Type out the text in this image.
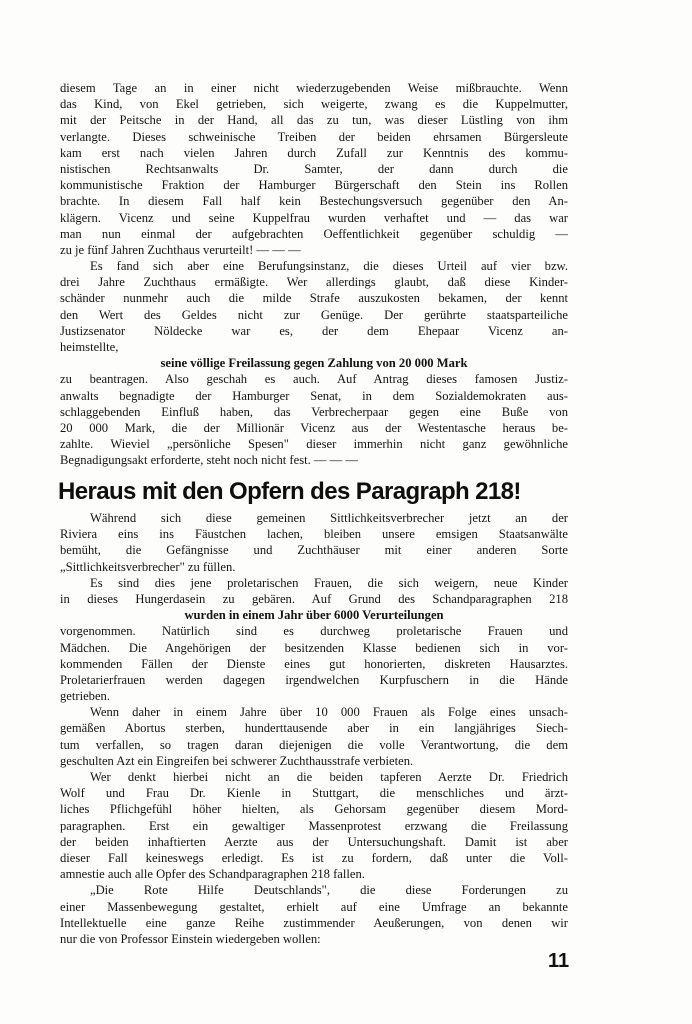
diesem Tage an in einer nicht wiederzugebenden Weise mißbrauchte. Wenn
das Kind, von Ekel getrieben, sich weigerte, zwang es die Kuppelmutter,
mit der Peitsche in der Hand, all das zu tun, was dieser Lüstling von ihm
verlangte. Dieses schweinische Treiben der beiden ehrsamen Bürgersleute
kam erst nach vielen Jahren durch Zufall zur Kenntnis des kommu-
nistischen Rechtsanwalts Dr. Samter, der dann durch die
kommunistische Fraktion der Hamburger Bürgerschaft den Stein ins Rollen
brachte. In diesem Fall half kein Bestechungsversuch gegenüber den An-
klägern. Vicenz und seine Kuppelfrau wurden verhaftet und — das war
man nun einmal der aufgebrachten Oeffentlichkeit gegenüber schuldig —
zu je fünf Jahren Zuchthaus verurteilt! — — —
Es fand sich aber eine Berufungsinstanz, die dieses Urteil auf vier bzw.
drei Jahre Zuchthaus ermäßigte. Wer allerdings glaubt, daß diese Kinder-
schänder nunmehr auch die milde Strafe auszukosten bekamen, der kennt
den Wert des Geldes nicht zur Genüge. Der gerührte staatsparteiliche
Justizsenator Nöldecke war es, der dem Ehepaar Vicenz an-
heimstellte,
seine völlige Freilassung gegen Zahlung von 20 000 Mark
zu beantragen. Also geschah es auch. Auf Antrag dieses famosen Justiz-
anwalts begnadigte der Hamburger Senat, in dem Sozialdemokraten aus-
schlaggebenden Einfluß haben, das Verbrecherpaar gegen eine Buße von
20 000 Mark, die der Millionär Vicenz aus der Westentasche heraus be-
zahlte. Wieviel „persönliche Spesen" dieser immerhin nicht ganz gewöhnliche
Begnadigungsakt erforderte, steht noch nicht fest. — — —
Heraus mit den Opfern des Paragraph 218!
Während sich diese gemeinen Sittlichkeitsverbrecher jetzt an der
Riviera eins ins Fäustchen lachen, bleiben unsere emsigen Staatsanwälte
bemüht, die Gefängnisse und Zuchthäuser mit einer anderen Sorte
„Sittlichkeitsverbrecher" zu füllen.
Es sind dies jene proletarischen Frauen, die sich weigern, neue Kinder
in dieses Hungerdasein zu gebären. Auf Grund des Schandparagraphen 218
wurden in einem Jahr über 6000 Verurteilungen
vorgenommen. Natürlich sind es durchweg proletarische Frauen und
Mädchen. Die Angehörigen der besitzenden Klasse bedienen sich in vor-
kommenden Fällen der Dienste eines gut honorierten, diskreten Hausarztes.
Proletarierfrauen werden dagegen irgendwelchen Kurpfuschern in die Hände
getrieben.
Wenn daher in einem Jahre über 10 000 Frauen als Folge eines unsach-
gemäßen Abortus sterben, hunderttausende aber in ein langjähriges Siech-
tum verfallen, so tragen daran diejenigen die volle Verantwortung, die dem
geschulten Azt ein Eingreifen bei schwerer Zuchthausstrafe verbieten.
Wer denkt hierbei nicht an die beiden tapferen Aerzte Dr. Friedrich
Wolf und Frau Dr. Kienle in Stuttgart, die menschliches und ärzt-
liches Pflichgefühl höher hielten, als Gehorsam gegenüber diesem Mord-
paragraphen. Erst ein gewaltiger Massenprotest erzwang die Freilassung
der beiden inhaftierten Aerzte aus der Untersuchungshaft. Damit ist aber
dieser Fall keineswegs erledigt. Es ist zu fordern, daß unter die Voll-
amnestie auch alle Opfer des Schandparagraphen 218 fallen.
„Die Rote Hilfe Deutschlands", die diese Forderungen zu
einer Massenbewegung gestaltet, erhielt auf eine Umfrage an bekannte
Intellektuelle eine ganze Reihe zustimmender Aeußerungen, von denen wir
nur die von Professor Einstein wiedergeben wollen:
11
